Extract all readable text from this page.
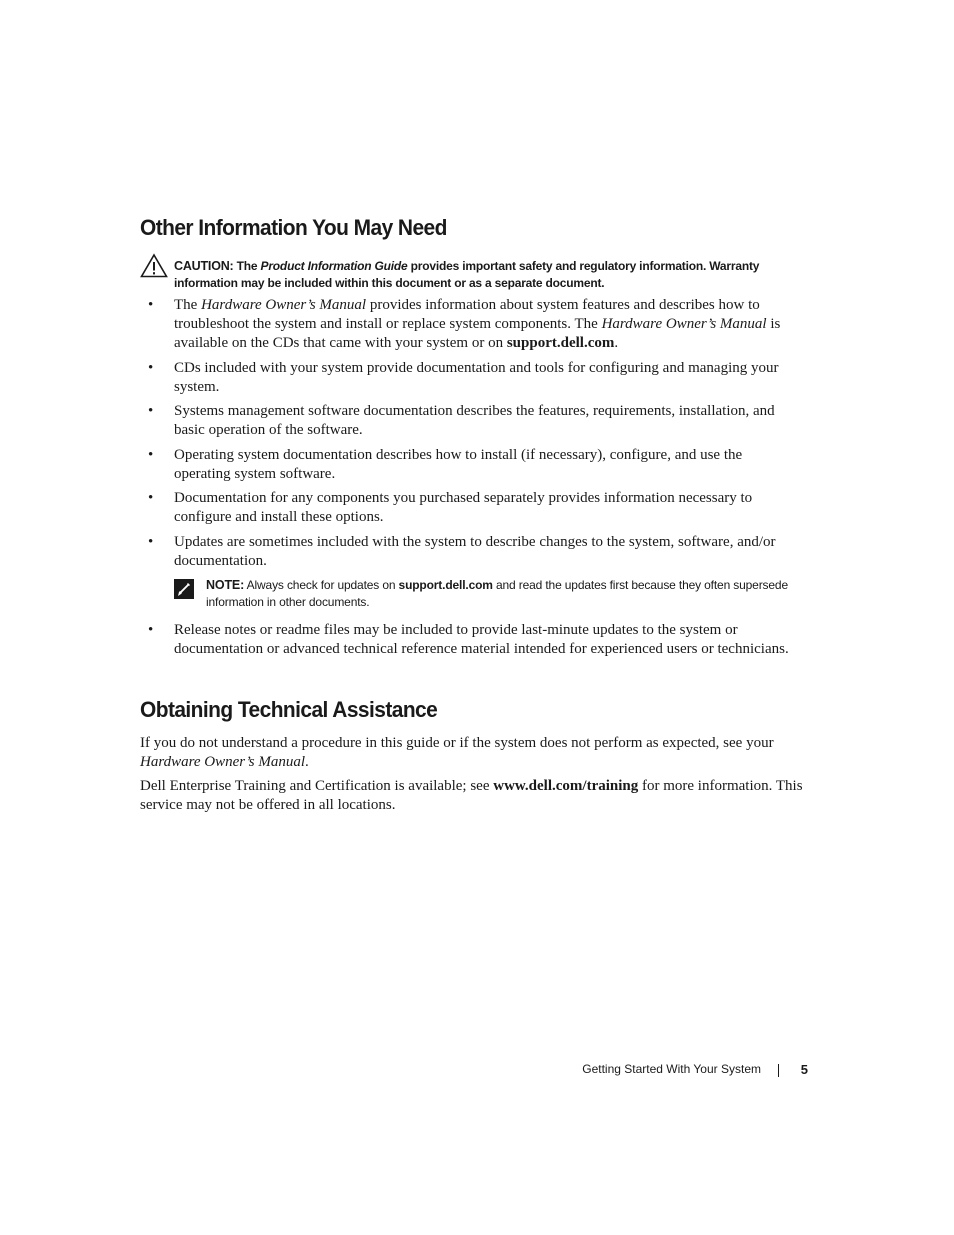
Other Information You May Need
CAUTION: The Product Information Guide provides important safety and regulatory information. Warranty information may be included within this document or as a separate document.
• The Hardware Owner’s Manual provides information about system features and describes how to troubleshoot the system and install or replace system components. The Hardware Owner’s Manual is available on the CDs that came with your system or on support.dell.com.
• CDs included with your system provide documentation and tools for configuring and managing your system.
• Systems management software documentation describes the features, requirements, installation, and basic operation of the software.
• Operating system documentation describes how to install (if necessary), configure, and use the operating system software.
• Documentation for any components you purchased separately provides information necessary to configure and install these options.
• Updates are sometimes included with the system to describe changes to the system, software, and/or documentation.
NOTE: Always check for updates on support.dell.com and read the updates first because they often supersede information in other documents.
• Release notes or readme files may be included to provide last-minute updates to the system or documentation or advanced technical reference material intended for experienced users or technicians.
Obtaining Technical Assistance

If you do not understand a procedure in this guide or if the system does not perform as expected, see your Hardware Owner’s Manual.

Dell Enterprise Training and Certification is available; see www.dell.com/training for more information. This service may not be offered in all locations.

Getting Started With Your System	5
